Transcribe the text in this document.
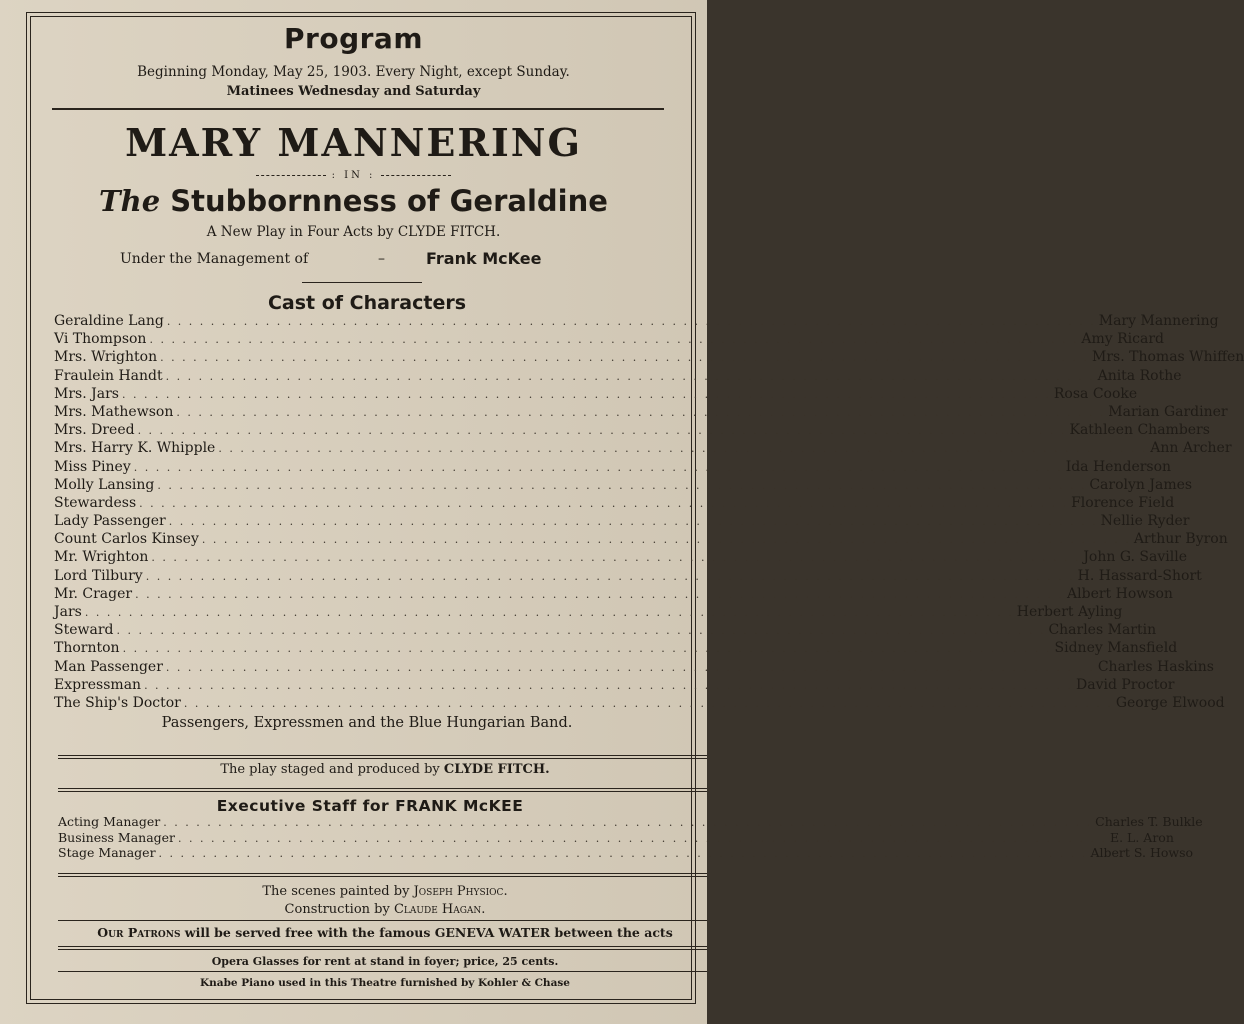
Program
Beginning Monday, May 25, 1903. Every Night, except Sunday.
Matinees Wednesday and Saturday
MARY MANNERING
: IN :
The Stubbornness of Geraldine
A New Play in Four Acts by CLYDE FITCH.
Under the Management of	–	Frank McKee
Cast of Characters
Geraldine Lang . . . . . . . . . . . . . . . . . . . . . . . . . . . . . . . . . . . . . . . . . . . . . . . . . . . . . . . . . . . . . . . . . . . . . . . . . . . . . . . . . . . . . Mary Mannering
Vi Thompson . . . . . . . . . . . . . . . . . . . . . . . . . . . . . . . . . . . . . . . . . . . . . . . . . . . . . . . . . . . . . . . . . . . . . . . . . . . . . . . . . . . . . Amy Ricard
Mrs. Wrighton . . . . . . . . . . . . . . . . . . . . . . . . . . . . . . . . . . . . . . . . . . . . . . . . . . . . . . . . . . . . . . . . . . . . . . . . . . . . . . . . . . . . . Mrs. Thomas Whiffen
Fraulein Handt . . . . . . . . . . . . . . . . . . . . . . . . . . . . . . . . . . . . . . . . . . . . . . . . . . . . . . . . . . . . . . . . . . . . . . . . . . . . . . . . . . . . . Anita Rothe
Mrs. Jars . . . . . . . . . . . . . . . . . . . . . . . . . . . . . . . . . . . . . . . . . . . . . . . . . . . . . . . . . . . . . . . . . . . . . . . . . . . . . . . . . . . . . Rosa Cooke
Mrs. Mathewson . . . . . . . . . . . . . . . . . . . . . . . . . . . . . . . . . . . . . . . . . . . . . . . . . . . . . . . . . . . . . . . . . . . . . . . . . . . . . . . . . . . . . Marian Gardiner
Mrs. Dreed . . . . . . . . . . . . . . . . . . . . . . . . . . . . . . . . . . . . . . . . . . . . . . . . . . . . . . . . . . . . . . . . . . . . . . . . . . . . . . . . . . . . . Kathleen Chambers
Mrs. Harry K. Whipple . . . . . . . . . . . . . . . . . . . . . . . . . . . . . . . . . . . . . . . . . . . . . . . . . . . . . . . . . . . . . . . . . . . . . . . . . . . . . . . . . . . . . Ann Archer
Miss Piney . . . . . . . . . . . . . . . . . . . . . . . . . . . . . . . . . . . . . . . . . . . . . . . . . . . . . . . . . . . . . . . . . . . . . . . . . . . . . . . . . . . . . Ida Henderson
Molly Lansing . . . . . . . . . . . . . . . . . . . . . . . . . . . . . . . . . . . . . . . . . . . . . . . . . . . . . . . . . . . . . . . . . . . . . . . . . . . . . . . . . . . . . Carolyn James
Stewardess . . . . . . . . . . . . . . . . . . . . . . . . . . . . . . . . . . . . . . . . . . . . . . . . . . . . . . . . . . . . . . . . . . . . . . . . . . . . . . . . . . . . . Florence Field
Lady Passenger . . . . . . . . . . . . . . . . . . . . . . . . . . . . . . . . . . . . . . . . . . . . . . . . . . . . . . . . . . . . . . . . . . . . . . . . . . . . . . . . . . . . . Nellie Ryder
Count Carlos Kinsey . . . . . . . . . . . . . . . . . . . . . . . . . . . . . . . . . . . . . . . . . . . . . . . . . . . . . . . . . . . . . . . . . . . . . . . . . . . . . . . . . . . . . Arthur Byron
Mr. Wrighton . . . . . . . . . . . . . . . . . . . . . . . . . . . . . . . . . . . . . . . . . . . . . . . . . . . . . . . . . . . . . . . . . . . . . . . . . . . . . . . . . . . . . John G. Saville
Lord Tilbury . . . . . . . . . . . . . . . . . . . . . . . . . . . . . . . . . . . . . . . . . . . . . . . . . . . . . . . . . . . . . . . . . . . . . . . . . . . . . . . . . . . . . H. Hassard-Short
Mr. Crager . . . . . . . . . . . . . . . . . . . . . . . . . . . . . . . . . . . . . . . . . . . . . . . . . . . . . . . . . . . . . . . . . . . . . . . . . . . . . . . . . . . . . Albert Howson
Jars . . . . . . . . . . . . . . . . . . . . . . . . . . . . . . . . . . . . . . . . . . . . . . . . . . . . . . . . . . . . . . . . . . . . . . . . . . . . . . . . . . . . . Herbert Ayling
Steward . . . . . . . . . . . . . . . . . . . . . . . . . . . . . . . . . . . . . . . . . . . . . . . . . . . . . . . . . . . . . . . . . . . . . . . . . . . . . . . . . . . . . Charles Martin
Thornton . . . . . . . . . . . . . . . . . . . . . . . . . . . . . . . . . . . . . . . . . . . . . . . . . . . . . . . . . . . . . . . . . . . . . . . . . . . . . . . . . . . . . Sidney Mansfield
Man Passenger . . . . . . . . . . . . . . . . . . . . . . . . . . . . . . . . . . . . . . . . . . . . . . . . . . . . . . . . . . . . . . . . . . . . . . . . . . . . . . . . . . . . . Charles Haskins
Expressman . . . . . . . . . . . . . . . . . . . . . . . . . . . . . . . . . . . . . . . . . . . . . . . . . . . . . . . . . . . . . . . . . . . . . . . . . . . . . . . . . . . . . David Proctor
The Ship's Doctor . . . . . . . . . . . . . . . . . . . . . . . . . . . . . . . . . . . . . . . . . . . . . . . . . . . . . . . . . . . . . . . . . . . . . . . . . . . . . . . . . . . . . George Elwood
Passengers, Expressmen and the Blue Hungarian Band.
The play staged and produced by CLYDE FITCH.
Executive Staff for FRANK McKEE
Acting Manager . . . . . . . . . . . . . . . . . . . . . . . . . . . . . . . . . . . . . . . . . . . . . . . . . . . . . . . . . . . . . . . . . . . . . . . . . . . . . . . . . . . . . Charles T. Bulkle
Business Manager . . . . . . . . . . . . . . . . . . . . . . . . . . . . . . . . . . . . . . . . . . . . . . . . . . . . . . . . . . . . . . . . . . . . . . . . . . . . . . . . . . . . . E. L. Aron
Stage Manager . . . . . . . . . . . . . . . . . . . . . . . . . . . . . . . . . . . . . . . . . . . . . . . . . . . . . . . . . . . . . . . . . . . . . . . . . . . . . . . . . . . . . Albert S. Howso
The scenes painted by Joseph Physioc.
Construction by Claude Hagan.
Our Patrons will be served free with the famous GENEVA WATER between the acts
Opera Glasses for rent at stand in foyer; price, 25 cents.
Knabe Piano used in this Theatre furnished by Kohler & Chase
